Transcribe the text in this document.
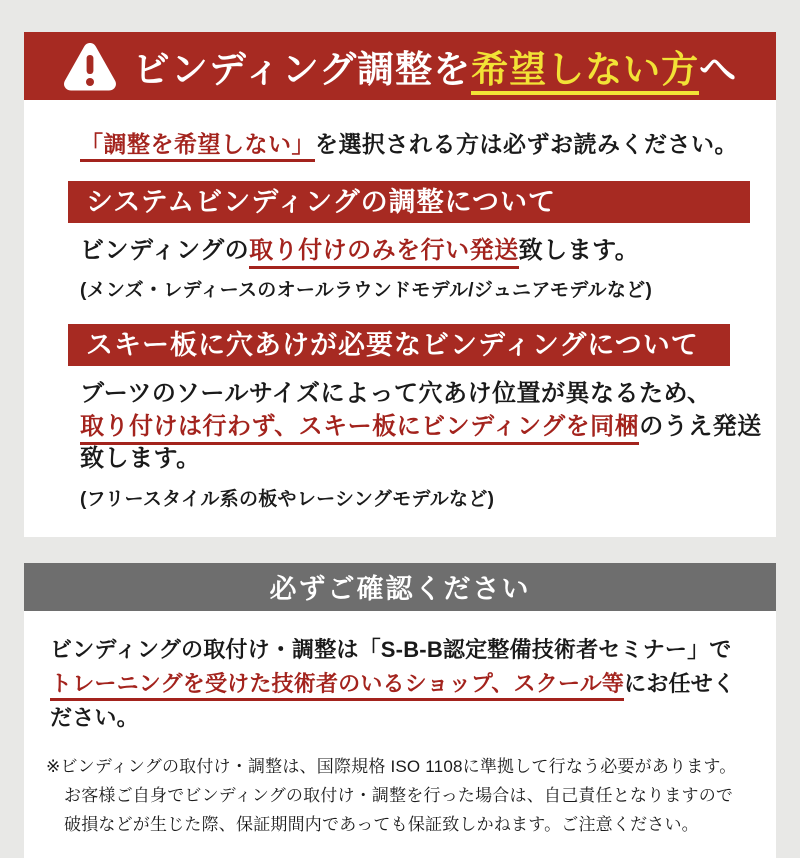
ビンディング調整を希望しない方へ
「調整を希望しない」を選択される方は必ずお読みください。
システムビンディングの調整について
ビンディングの取り付けのみを行い発送致します。
(メンズ・レディースのオールラウンドモデル/ジュニアモデルなど)
スキー板に穴あけが必要なビンディングについて
ブーツのソールサイズによって穴あけ位置が異なるため、
取り付けは行わず、スキー板にビンディングを同梱のうえ発送
致します。
(フリースタイル系の板やレーシングモデルなど)
必ずご確認ください
ビンディングの取付け・調整は「S-B-B認定整備技術者セミナー」で
トレーニングを受けた技術者のいるショップ、スクール等にお任せください。
※ビンディングの取付け・調整は、国際規格 ISO 1108に準拠して行なう必要があります。
お客様ご自身でビンディングの取付け・調整を行った場合は、自己責任となりますので
破損などが生じた際、保証期間内であっても保証致しかねます。ご注意ください。
